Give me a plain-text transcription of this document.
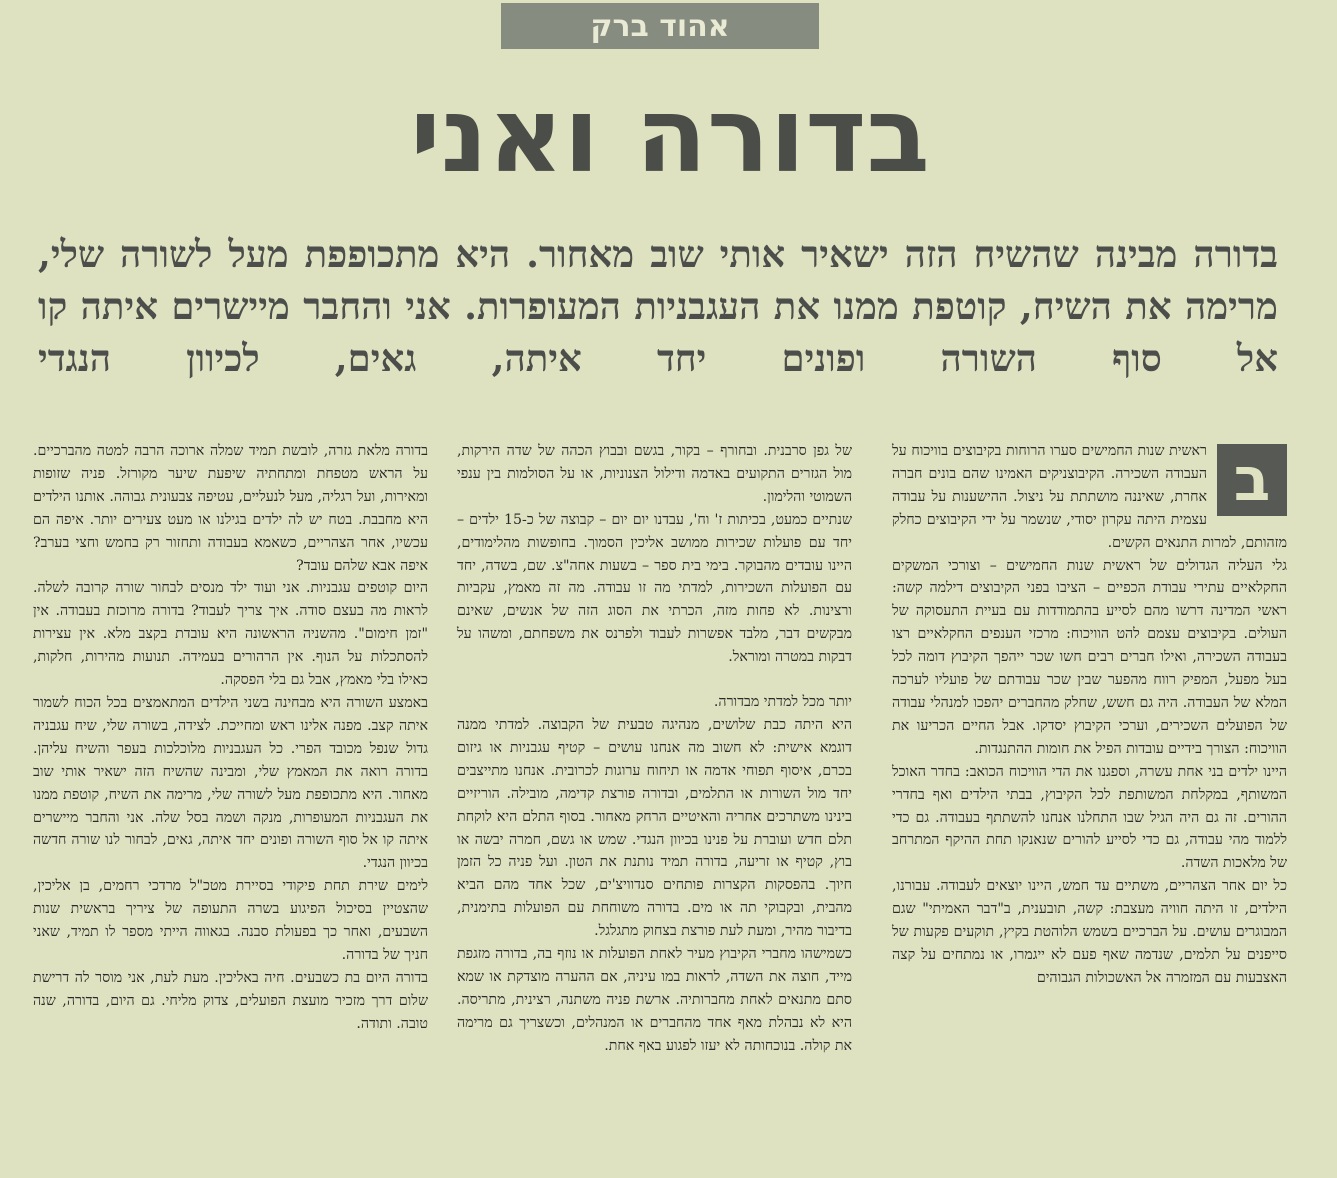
אהוד ברק
בדורה ואני
בדורה מבינה שהשיח הזה ישאיר אותי שוב מאחור. היא מתכופפת מעל לשורה שלי, מרימה את השיח, קוטפת ממנו את העגבניות המעופרות. אני והחבר מיישרים איתה קו אל סוף השורה ופונים יחד איתה, גאים, לכיוון הנגדי
ב

ראשית שנות החמישים סערו הרוחות בקיבוצים בוויכוח על העבודה השכירה. הקיבוצניקים האמינו שהם בונים חברה אחרת, שאיננה מושתתת על ניצול. ההישענות על עבודה עצמית היתה עקרון יסודי, שנשמר על ידי הקיבוצים כחלק מזהותם, למרות התנאים הקשים.

גלי העליה הגדולים של ראשית שנות החמישים – וצורכי המשקים החקלאיים עתירי עבודת הכפיים – הציבו בפני הקיבוצים דילמה קשה: ראשי המדינה דרשו מהם לסייע בהתמודדות עם בעיית התעסוקה של העולים. בקיבוצים עצמם להט הוויכוח: מרכזי הענפים החקלאיים רצו בעבודה השכירה, ואילו חברים רבים חשו שכר ייהפך הקיבוץ דומה לכל בעל מפעל, המפיק רווח מהפער שבין שכר עבודתם של פועליו לערכה המלא של העבודה. היה גם חשש, שחלק מהחברים יהפכו למנהלי עבודה של הפועלים השכירים, וערכי הקיבוץ יסדקו. אבל החיים הכריעו את הוויכוח: הצורך בידיים עובדות הפיל את חומות ההתנגדות.

היינו ילדים בני אחת עשרה, וספגנו את הדי הוויכוח הכואב: בחדר האוכל המשותף, במקלחת המשותפת לכל הקיבוץ, בבתי הילדים ואף בחדרי ההורים. זה גם היה הגיל שבו התחלנו אנחנו להשתתף בעבודה. גם כדי ללמוד מהי עבודה, גם כדי לסייע להורים שנאנקו תחת ההיקף המתרחב של מלאכות השדה.

כל יום אחר הצהריים, משתיים עד חמש, היינו יוצאים לעבודה. עבורנו, הילדים, זו היתה חוויה מעצבת: קשה, תובענית, ב"דבר האמיתי" שגם המבוגרים עושים. על הברכיים בשמש הלוהטת בקיץ, תוקעים פקעות של סייפנים על תלמים, שנדמה שאף פעם לא ייגמרו, או נמתחים על קצה האצבעות עם המזמרה אל האשכולות הגבוהים

של גפן סרבנית. ובחורף – בקור, בגשם ובבוץ הכהה של שדה הירקות, מול הגזרים התקועים באדמה ודילול הצנוניות, או על הסולמות בין ענפי השמוטי והלימון.

שנתיים כמעט, בכיתות ז' וח', עבדנו יום יום – קבוצה של כ-15 ילדים – יחד עם פועלות שכירות ממושב אליכין הסמוך. בחופשות מהלימודים, היינו עובדים מהבוקר. בימי בית ספר – בשעות אחה"צ. שם, בשדה, יחד עם הפועלות השכירות, למדתי מה זו עבודה. מה זה מאמץ, עקביות ורצינות. לא פחות מזה, הכרתי את הסוג הזה של אנשים, שאינם מבקשים דבר, מלבד אפשרות לעבוד ולפרנס את משפחתם, ומשהו על דבקות במטרה ומוראל.

יותר מכל למדתי מבדורה.

היא היתה כבת שלושים, מנהיגה טבעית של הקבוצה. למדתי ממנה דוגמא אישית: לא חשוב מה אנחנו עושים – קטיף עגבניות או גיזום בכרם, איסוף תפוחי אדמה או תיחוח ערוגות לכרובית. אנחנו מתייצבים יחד מול השורות או התלמים, ובדורה פורצת קדימה, מובילה. הוריזיים בינינו משתרכים אחריה והאיטיים הרחק מאחור. בסוף התלם היא לוקחת תלם חדש ועוברת על פנינו בכיוון הנגדי. שמש או גשם, חמרה יבשה או בוץ, קטיף או זריעה, בדורה תמיד נותנת את הטון. ועל פניה כל הזמן חיוך. בהפסקות הקצרות פותחים סנדוויצ'ים, שכל אחד מהם הביא מהבית, ובקבוקי תה או מים. בדורה משוחחת עם הפועלות בתימנית, בדיבור מהיר, ומעת לעת פורצת בצחוק מתגלגל.

כשמישהו מחברי הקיבוץ מעיר לאחת הפועלות או נוזף בה, בדורה מזגפת מייד, חוצה את השדה, לראות במו עיניה, אם ההערה מוצדקת או שמא סתם מתנאים לאחת מחברותיה. ארשת פניה משתנה, רצינית, מתריסה. היא לא נבהלת מאף אחד מהחברים או המנהלים, וכשצריך גם מרימה את קולה. בנוכחותה לא יעזו לפגוע באף אחת.

בדורה מלאת גזרה, לובשת תמיד שמלה ארוכה הרבה למטה מהברכיים. על הראש מטפחת ומתחתיה שיפעת שיער מקורזל. פניה שזופות ומאירות, ועל רגליה, מעל לנעליים, עטיפה צבעונית גבוהה. אותנו הילדים היא מחבבת. בטח יש לה ילדים בגילנו או מעט צעירים יותר. איפה הם עכשיו, אחר הצהריים, כשאמא בעבודה ותחזור רק בחמש וחצי בערב? איפה אבא שלהם עובד?

היום קוטפים עגבניות. אני ועוד ילד מנסים לבחור שורה קרובה לשלה. לראות מה בעצם סודה. איך צריך לעבוד? בדורה מרוכזת בעבודה. אין "זמן חימום". מהשניה הראשונה היא עובדת בקצב מלא. אין עצירות להסתכלות על הנוף. אין הרהורים בעמידה. תנועות מהירות, חלקות, כאילו בלי מאמץ, אבל גם בלי הפסקה.

באמצע השורה היא מבחינה בשני הילדים המתאמצים בכל הכוח לשמור איתה קצב. מפנה אלינו ראש ומחייכת. לצידה, בשורה שלי, שיח עגבניה גדול שנפל מכובד הפרי. כל העגבניות מלוכלכות בעפר והשיח עליהן. בדורה רואה את המאמץ שלי, ומבינה שהשיח הזה ישאיר אותי שוב מאחור. היא מתכופפת מעל לשורה שלי, מרימה את השיח, קוטפת ממנו את העגבניות המעופרות, מנקה ושמה בסל שלה. אני והחבר מיישרים איתה קו אל סוף השורה ופונים יחד איתה, גאים, לבחור לנו שורה חדשה בכיוון הנגדי.

לימים שירת תחת פיקודי בסיירת מטכ"ל מרדכי רחמים, בן אליכין, שהצטיין בסיכול הפיגוע בשרה התעופה של ציריך בראשית שנות השבעים, ואחר כך בפעולת סבנה. בגאווה הייתי מספר לו תמיד, שאני חניך של בדורה.

בדורה היום בת כשבעים. חיה באליכין. מעת לעת, אני מוסר לה דרישת שלום דרך מזכיר מועצת הפועלים, צדוק מליחי. גם היום, בדורה, שנה טובה. ותודה.
